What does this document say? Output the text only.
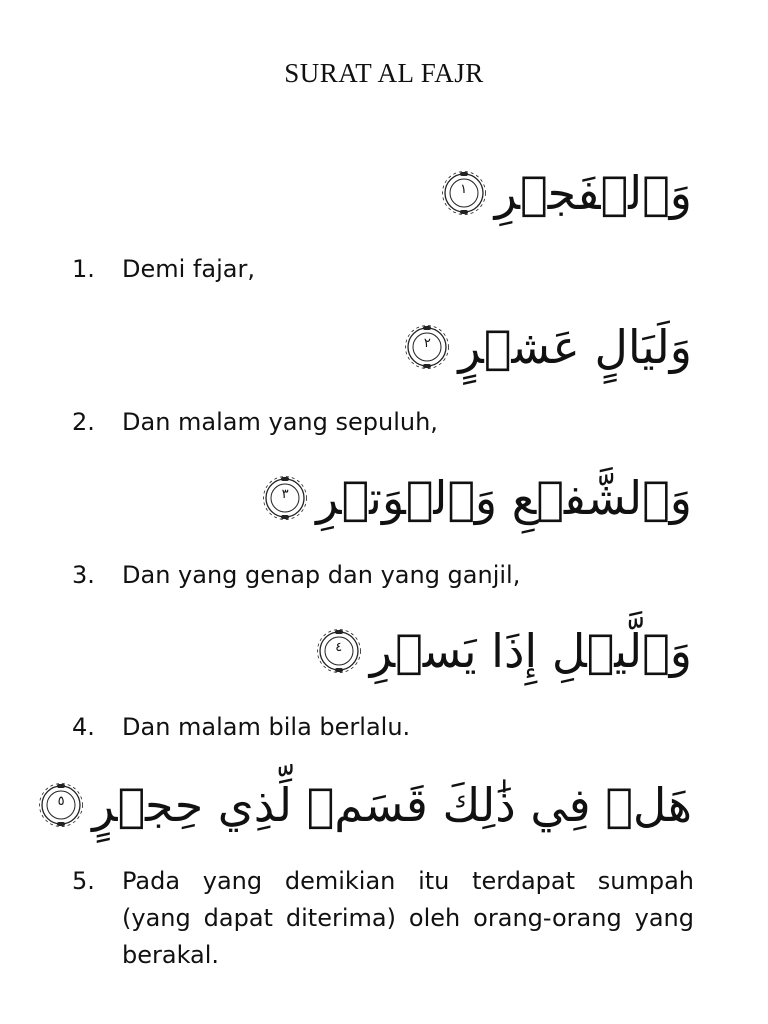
SURAT AL FAJR
وَٱلۡفَجۡرِ
١
1.	Demi fajar,
وَلَيَالٍ عَشۡرٍ
٢
2.	Dan malam yang sepuluh,
وَٱلشَّفۡعِ وَٱلۡوَتۡرِ
٣
3.	Dan yang genap dan yang ganjil,
وَٱلَّيۡلِ إِذَا يَسۡرِ
٤
4.	Dan malam bila berlalu.
هَلۡ فِي ذَٰلِكَ قَسَمٞ لِّذِي حِجۡرٍ
٥
5.	Pada yang demikian itu terdapat sumpah (yang dapat diterima) oleh orang-orang yang berakal.
